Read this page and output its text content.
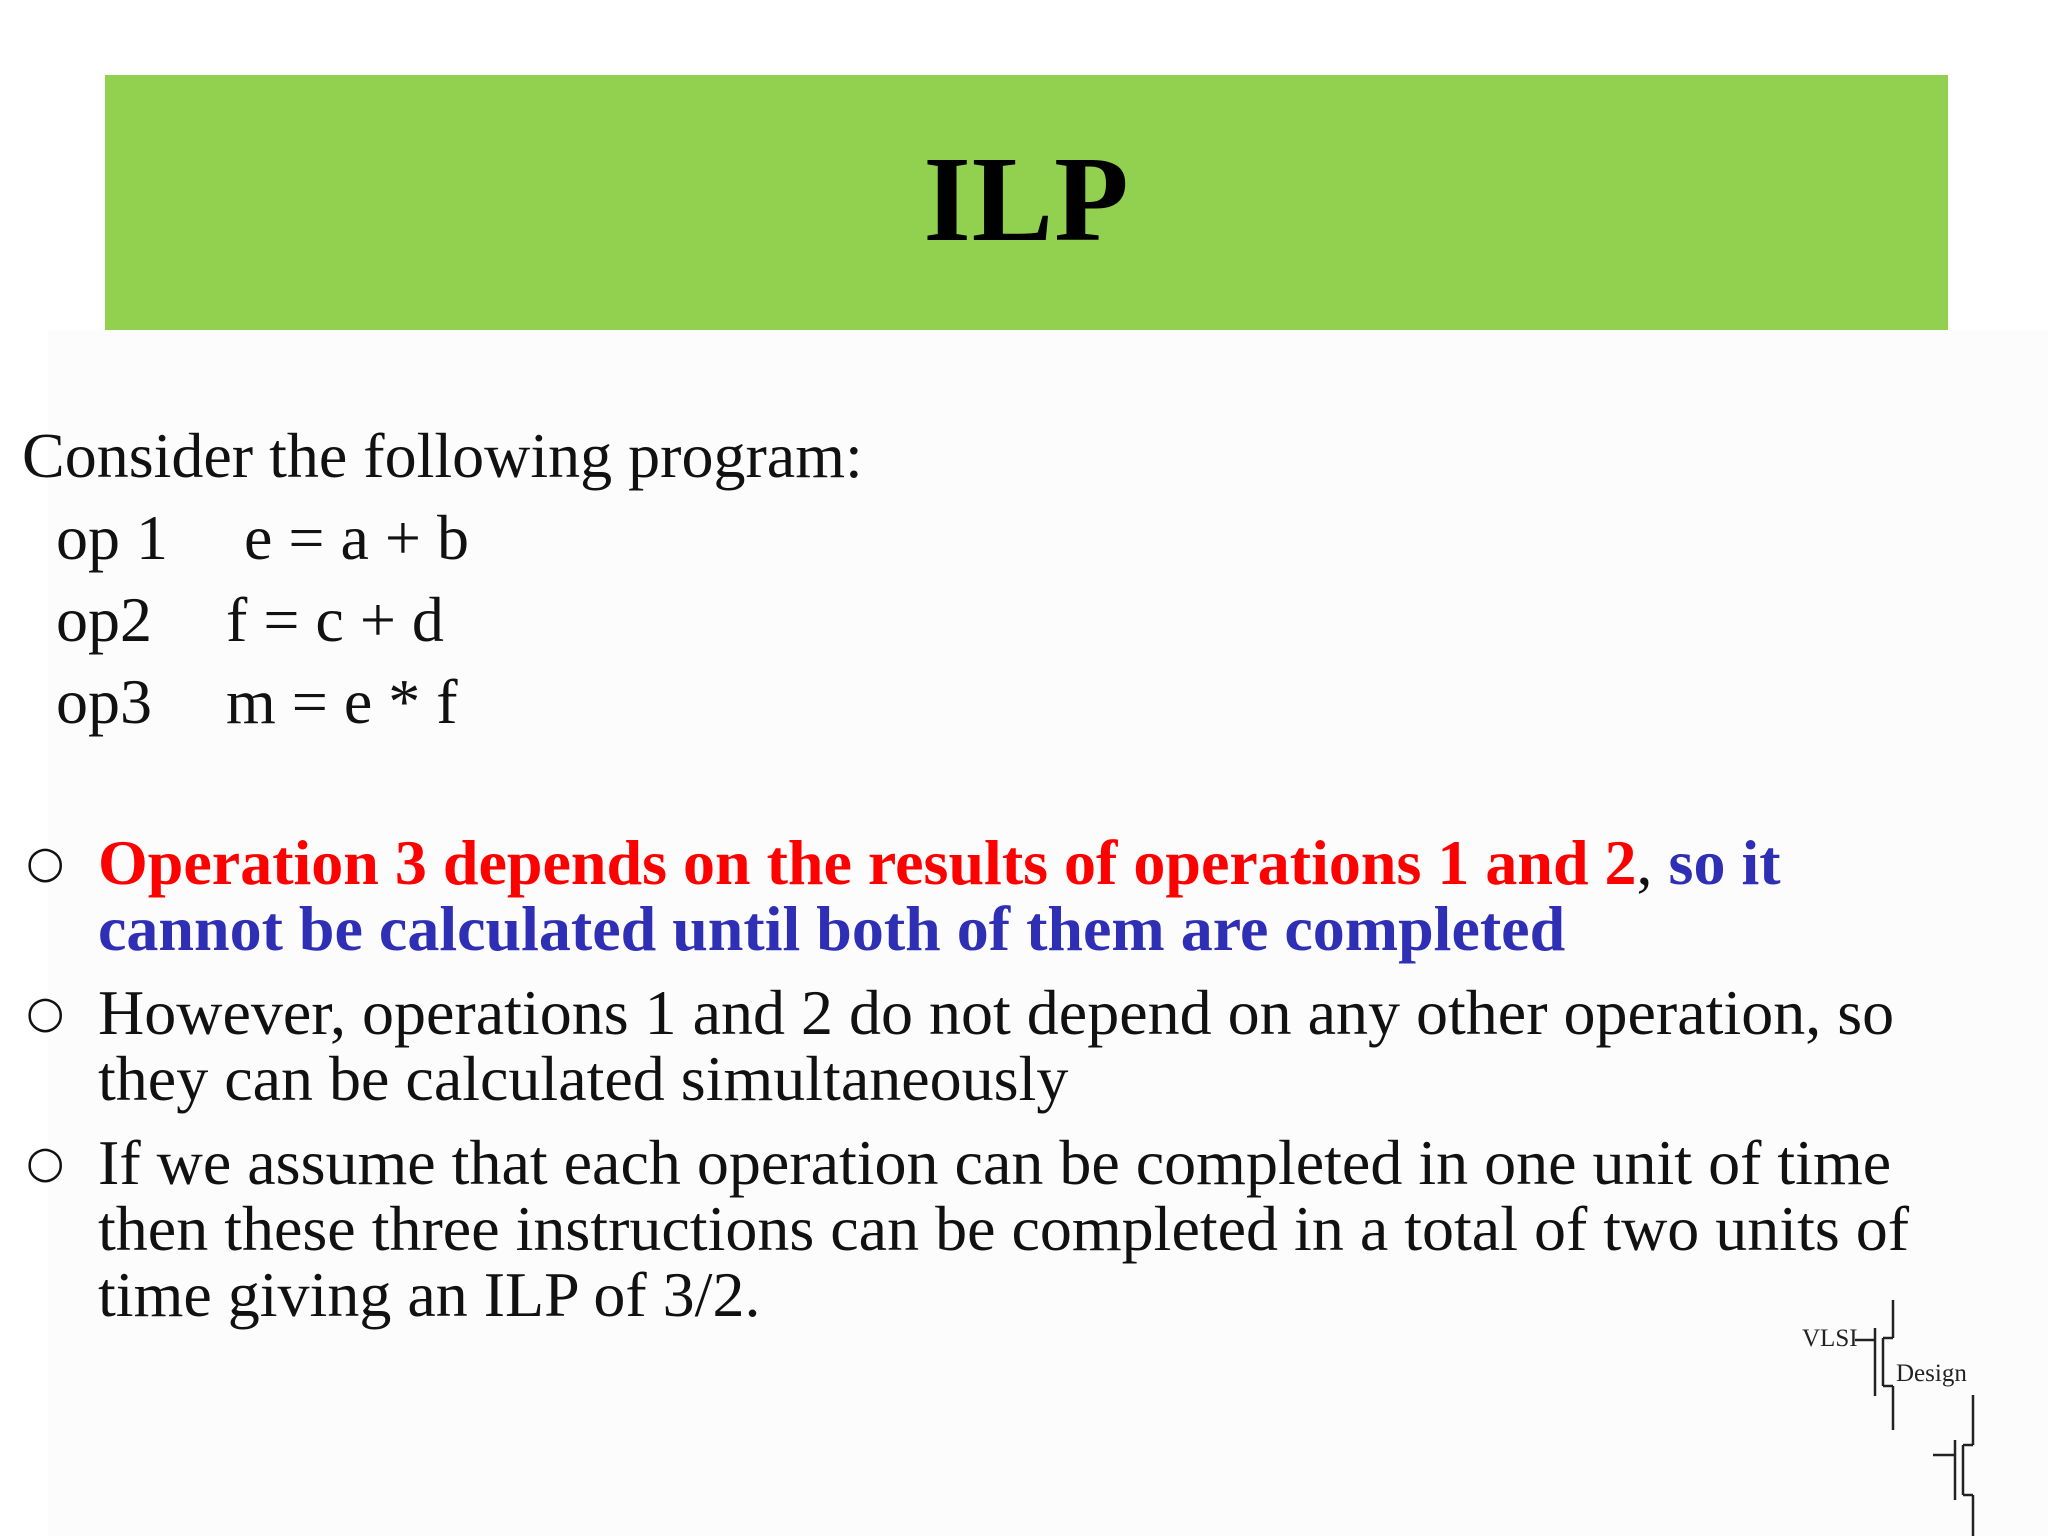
ILP
Consider the following program:
op 1 e = a + b
op2 f = c + d
op3 m = e * f
○ Operation 3 depends on the results of operations 1 and 2, so it cannot be calculated until both of them are completed
○ However, operations 1 and 2 do not depend on any other operation, so they can be calculated simultaneously
○ If we assume that each operation can be completed in one unit of time then these three instructions can be completed in a total of two units of time giving an ILP of 3/2.
VLSI
Design
